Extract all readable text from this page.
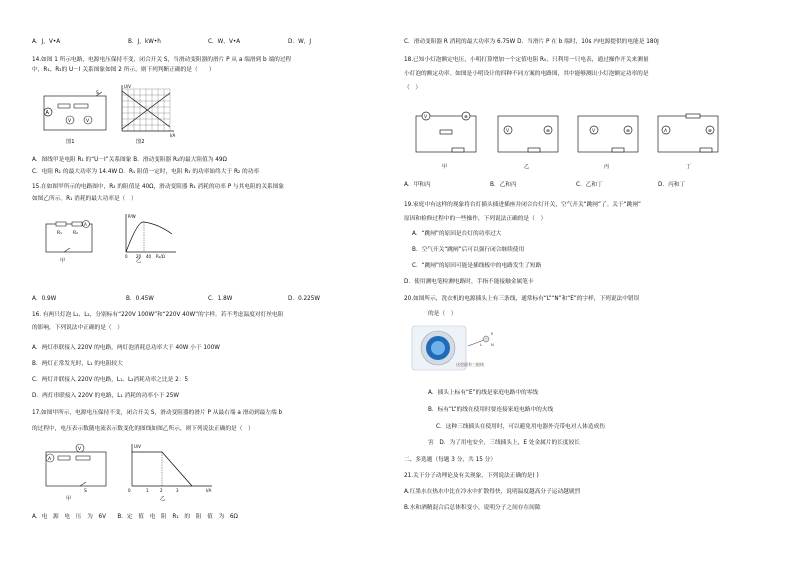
A．J，V•A	B．J，kW•h	C．W，V•A	D．W，J
14.如图 1 所示电路，电源电压保持不变，闭合开关 S，当滑动变阻器的滑片 P 从 a 端滑到 b 端的过程
中，R₁、R₂的 U－I 关系图象如图 2 所示，则下列判断正确的是（　　）
A
V	V
S
图1
U/V
I/A
图2
A．图线甲是电阻 R₁ 的“U－I”关系图象 B．滑动变阻器 R₂的最大阻值为 49Ω
C．电阻 R₁ 的最大功率为 14.4W D．R₁ 阻值一定时，电阻 R₁ 的功率始终大于 R₂ 的功率
15.在如图甲所示的电路图中，R₂ 的阻值是 40Ω，滑动变阻器 R₁ 消耗的功率 P 与其电阻的关系图象
如图乙所示。R₁ 消耗的最大功率是（　）
A
R₁ R₂
甲
P/W
0 20 40 R₁/Ω
乙
A．0.9W	B．0.45W	C．1.8W	D．0.225W
16. 有两只灯泡 L₁、L₂，分别标有“220V 100W”和“220V 40W”的字样。若不考虑温度对灯丝电阻
的影响，下列说法中正确的是（　）
A．两灯串联接入 220V 的电路，两灯泡消耗总功率大于 40W 小于 100W
B．两灯正常发光时，L₁ 的电阻较大
C．两灯并联接入 220V 的电路，L₁、L₂消耗功率之比是 2：5
D．两灯串联接入 220V 的电路，L₁ 消耗的功率小于 25W
17.如图甲所示，电源电压保持不变，闭合开关 S，滑动变阻器的滑片 P 从最右端 a 滑动到最左端 b
的过程中，电压表示数随电流表示数变化的图线如图乙所示，则下列说法正确的是（　）
A
V
S
甲
U/V
0	1	2	3	I/A
乙
A．电　源　电　压　为　6V　　B．定　值　电　阻　R₁　的　阻　值　为　6Ω
C．滑动变阻器 R 消耗的最大功率为 6.75W D．当滑片 P 在 b 端时，10s 内电源提供的电能是 180J
18.已知小灯泡额定电压，小明打算增加一个定值电阻 R₀，只利用一只电表，通过操作开关来测量
小灯泡的额定功率。如图是小明设计的四种不同方案的电路图，其中能够测出小灯泡额定功率的是
（　）
V	⊗
V	⊗	V	⊗	A	⊗
甲	乙	丙	丁
A．甲和丙	B．乙和丙	C．乙和丁	D．丙和丁
19.家庭中有这样的现象将台灯插头插进插座并闭合台灯开关，空气开关“跳闸”了。关于“跳闸”
原因和检修过程中的一些操作，下列说法正确的是（　）
A．“跳闸”的原因是台灯的功率过大
B．空气开关“跳闸”后可以强行闭合继续使用
C．“跳闸”的原因可能是插线板中的电路发生了短路
D．使用测电笔检测电路时，手指不能接触金属笔卡
20.如图所示，洗衣机的电源插头上有三条线，通常标有“L”“N”和“E”的字样，下列说法中错误
的是（　）
E
L N
这里面有三根线
A．插头上标有“E”的线是家庭电路中的零线
B．标有“L”的线在使用时要连接家庭电路中的火线
C．这种三线插头在使用时，可以避免用电器外壳带电对人体造成伤
害　D．为了用电安全，三线插头上，E 处金属片的长度较长
二、多选题（每题 3 分，共 15 分）
21.关于分子动理论及有关现象，下列说法正确的是( )
A.红墨水在热水中比在冷水中扩散得快，说明温度越高分子运动越剧烈
B.水和酒精混合后总体积变小，说明分子之间存在间隙
